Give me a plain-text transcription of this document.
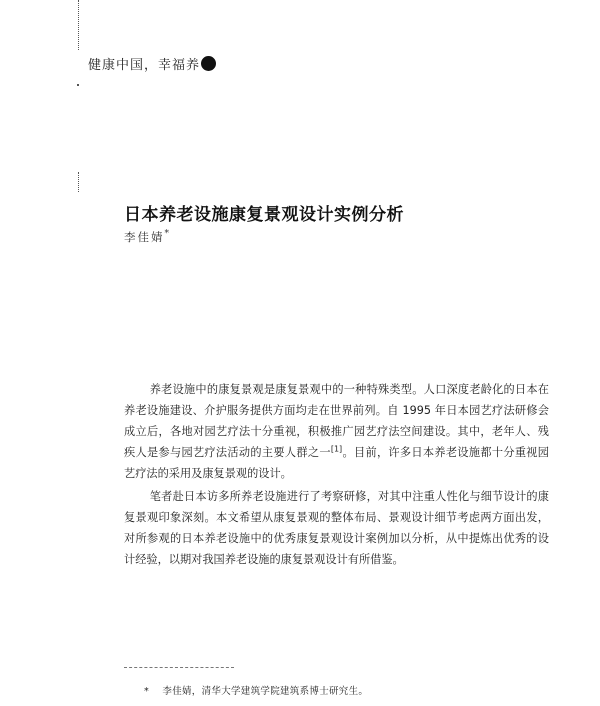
健康中国，幸福养
日本养老设施康复景观设计实例分析
李佳婧*

养老设施中的康复景观是康复景观中的一种特殊类型。人口深度老龄化的日本在养老设施建设、介护服务提供方面均走在世界前列。自 1995 年日本园艺疗法研修会成立后，各地对园艺疗法十分重视，积极推广园艺疗法空间建设。其中，老年人、残疾人是参与园艺疗法活动的主要人群之一[1]。目前，许多日本养老设施都十分重视园艺疗法的采用及康复景观的设计。

笔者赴日本访多所养老设施进行了考察研修，对其中注重人性化与细节设计的康复景观印象深刻。本文希望从康复景观的整体布局、景观设计细节考虑两方面出发，对所参观的日本养老设施中的优秀康复景观设计案例加以分析，从中提炼出优秀的设计经验，以期对我国养老设施的康复景观设计有所借鉴。

* 李佳婧，清华大学建筑学院建筑系博士研究生。
